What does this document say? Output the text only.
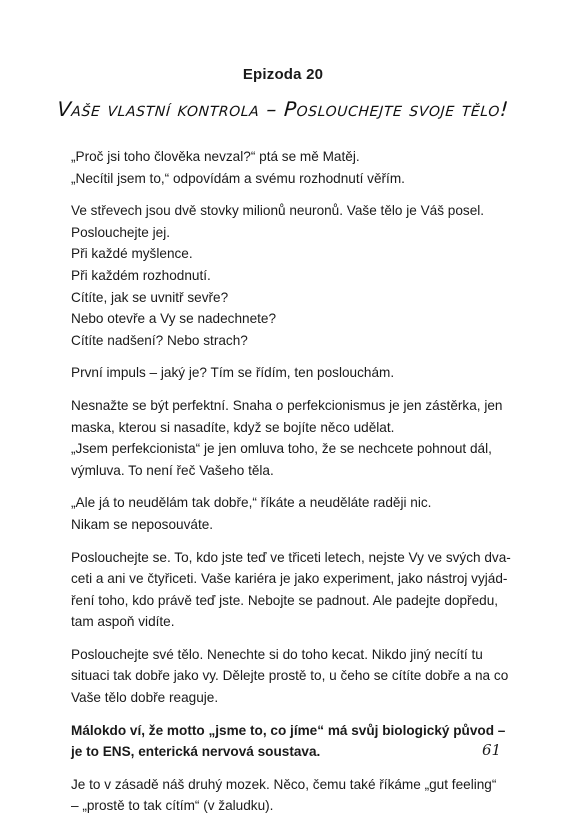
Epizoda 20
Vaše vlastní kontrola – Poslouchejte svoje tělo!
„Proč jsi toho člověka nevzal?“ ptá se mě Matěj.
„Necítil jsem to,“ odpovídám a svému rozhodnutí věřím.
Ve střevech jsou dvě stovky milionů neuronů. Vaše tělo je Váš posel.
Poslouchejte jej.
Při každé myšlence.
Při každém rozhodnutí.
Cítíte, jak se uvnitř sevře?
Nebo otevře a Vy se nadechnete?
Cítíte nadšení? Nebo strach?
První impuls – jaký je? Tím se řídím, ten poslouchám.
Nesnažte se být perfektní. Snaha o perfekcionismus je jen zástěrka, jen
maska, kterou si nasadíte, když se bojíte něco udělat.
„Jsem perfekcionista“ je jen omluva toho, že se nechcete pohnout dál,
výmluva. To není řeč Vašeho těla.
„Ale já to neudělám tak dobře,“ říkáte a neuděláte raději nic.
Nikam se neposouváte.
Poslouchejte se. To, kdo jste teď ve třiceti letech, nejste Vy ve svých dva-
ceti a ani ve čtyřiceti. Vaše kariéra je jako experiment, jako nástroj vyjád-
ření toho, kdo právě teď jste. Nebojte se padnout. Ale padejte dopředu,
tam aspoň vidíte.
Poslouchejte své tělo. Nenechte si do toho kecat. Nikdo jiný necítí tu
situaci tak dobře jako vy. Dělejte prostě to, u čeho se cítíte dobře a na co
Vaše tělo dobře reaguje.
Málokdo ví, že motto „jsme to, co jíme“ má svůj biologický původ –
je to ENS, enterická nervová soustava.
Je to v zásadě náš druhý mozek. Něco, čemu také říkáme „gut feeling“
– „prostě to tak cítím“ (v žaludku).
61
